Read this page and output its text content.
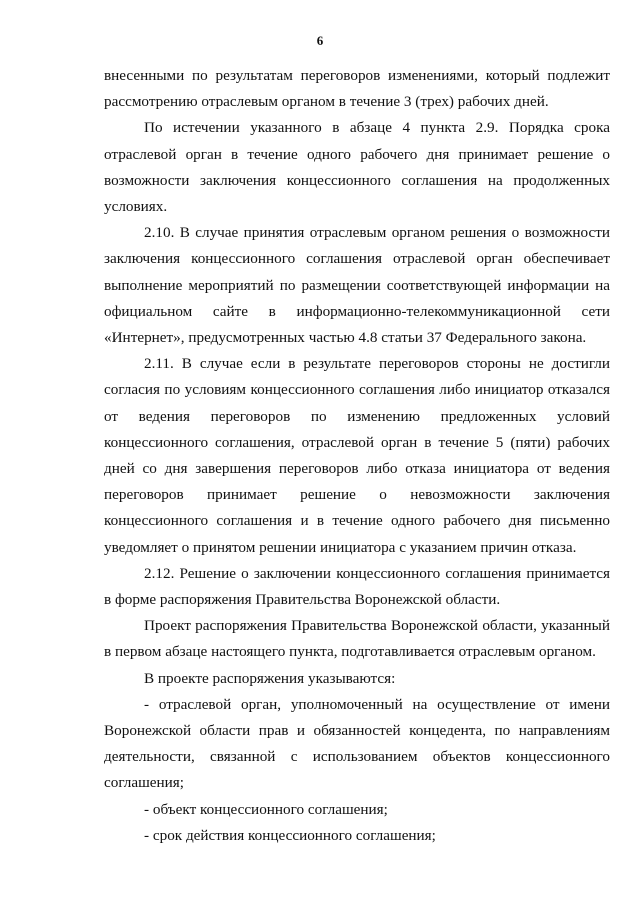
6

внесенными по результатам переговоров изменениями, который подлежит рассмотрению отраслевым органом в течение 3 (трех) рабочих дней.

По истечении указанного в абзаце 4 пункта 2.9. Порядка срока отраслевой орган в течение одного рабочего дня принимает решение о возможности заключения концессионного соглашения на продолженных условиях.

2.10. В случае принятия отраслевым органом решения о возможности заключения концессионного соглашения отраслевой орган обеспечивает выполнение мероприятий по размещении соответствующей информации на официальном сайте в информационно-телекоммуникационной сети «Интернет», предусмотренных частью 4.8 статьи 37 Федерального закона.

2.11. В случае если в результате переговоров стороны не достигли согласия по условиям концессионного соглашения либо инициатор отказался от ведения переговоров по изменению предложенных условий концессионного соглашения, отраслевой орган в течение 5 (пяти) рабочих дней со дня завершения переговоров либо отказа инициатора от ведения переговоров принимает решение о невозможности заключения концессионного соглашения и в течение одного рабочего дня письменно уведомляет о принятом решении инициатора с указанием причин отказа.

2.12. Решение о заключении концессионного соглашения принимается в форме распоряжения Правительства Воронежской области.

Проект распоряжения Правительства Воронежской области, указанный в первом абзаце настоящего пункта, подготавливается отраслевым органом.

В проекте распоряжения указываются:

- отраслевой орган, уполномоченный на осуществление от имени Воронежской области прав и обязанностей концедента, по направлениям деятельности, связанной с использованием объектов концессионного соглашения;

- объект концессионного соглашения;

- срок действия концессионного соглашения;
